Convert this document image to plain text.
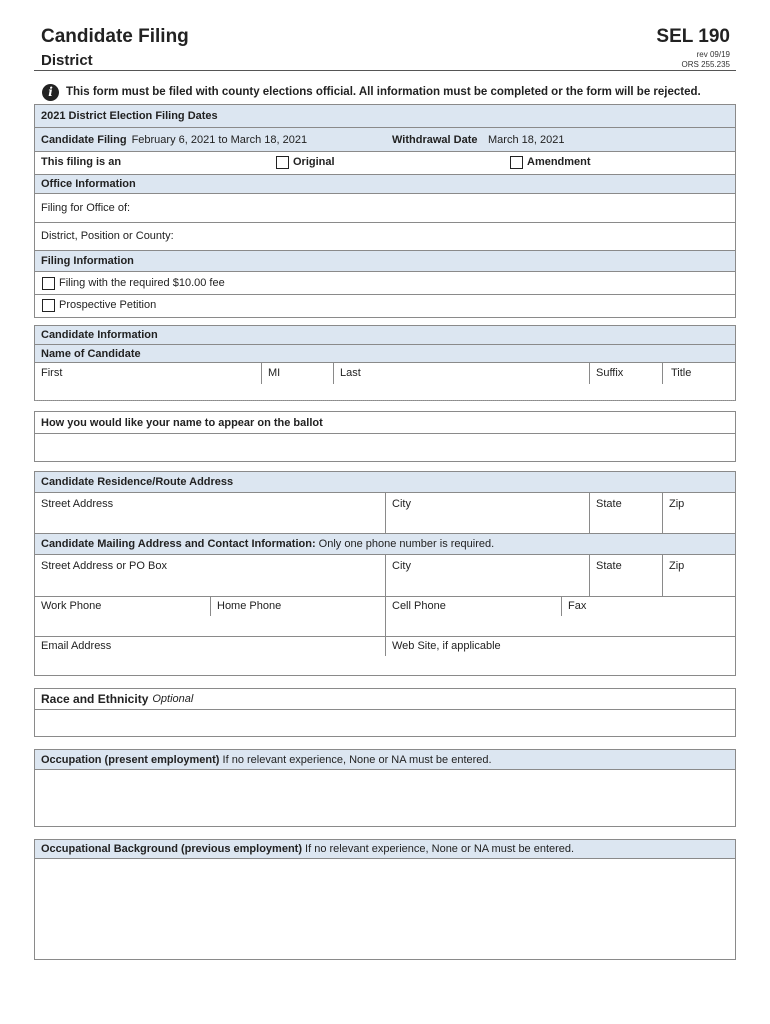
Candidate Filing
District
SEL 190
rev 09/19
ORS 255.235
i	This form must be filed with county elections official. All information must be completed or the form will be rejected.
2021 District Election Filing Dates
Candidate Filing February 6, 2021 to March 18, 2021	Withdrawal Date March 18, 2021
This filing is an	Original	Amendment
Office Information
Filing for Office of:
District, Position or County:
Filing Information
Filing with the required $10.00 fee
Prospective Petition
Candidate Information
Name of Candidate
First	MI	Last	Suffix	Title
How you would like your name to appear on the ballot
Candidate Residence/Route Address
Street Address	City	State	Zip
Candidate Mailing Address and Contact Information: Only one phone number is required.
Street Address or PO Box	City	State	Zip
Work Phone	Home Phone	Cell Phone	Fax
Email Address	Web Site, if applicable
Race and Ethnicity Optional
Occupation (present employment) If no relevant experience, None or NA must be entered.
Occupational Background (previous employment) If no relevant experience, None or NA must be entered.
